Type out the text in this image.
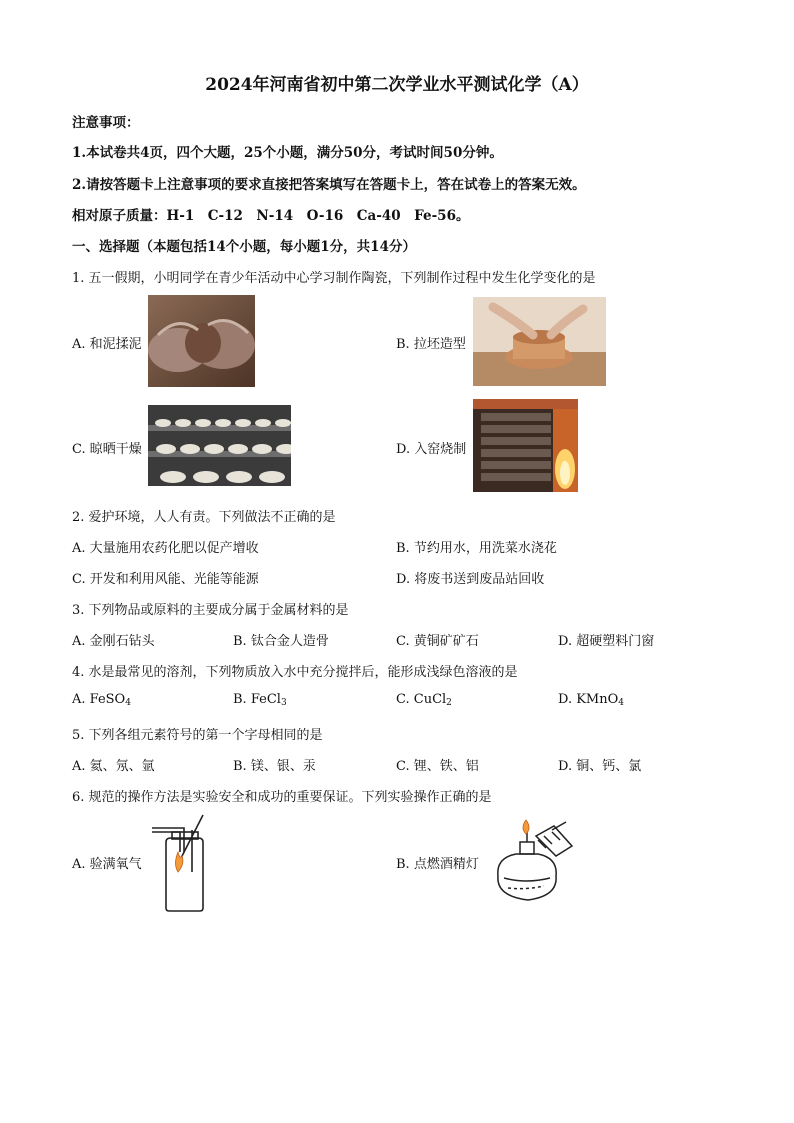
2024年河南省初中第二次学业水平测试化学（A）
注意事项：
1.本试卷共4页，四个大题，25个小题，满分50分，考试时间50分钟。
2.请按答题卡上注意事项的要求直接把答案填写在答题卡上，答在试卷上的答案无效。
相对原子质量：H-1　C-12　N-14　O-16　Ca-40　Fe-56。
一、选择题（本题包括14个小题，每小题1分，共14分）
1. 五一假期，小明同学在青少年活动中心学习制作陶瓷，下列制作过程中发生化学变化的是
A. 和泥揉泥	B. 拉坯造型
C. 晾晒干燥	D. 入窑烧制
2. 爱护环境，人人有责。下列做法不正确的是
A. 大量施用农药化肥以促产增收	B. 节约用水，用洗菜水浇花
C. 开发和利用风能、光能等能源	D. 将废书送到废品站回收
3. 下列物品或原料的主要成分属于金属材料的是
A. 金刚石钻头	B. 钛合金人造骨	C. 黄铜矿矿石	D. 超硬塑料门窗
4. 水是最常见的溶剂，下列物质放入水中充分搅拌后，能形成浅绿色溶液的是
A. FeSO$_4$	B. FeCl$_3$	C. CuCl$_2$	D. KMnO$_4$
5. 下列各组元素符号的第一个字母相同的是
A. 氦、氖、氩	B. 镁、银、汞	C. 锂、铁、铝	D. 铜、钙、氯
6. 规范的操作方法是实验安全和成功的重要保证。下列实验操作正确的是
A. 验满氧气	B. 点燃酒精灯
